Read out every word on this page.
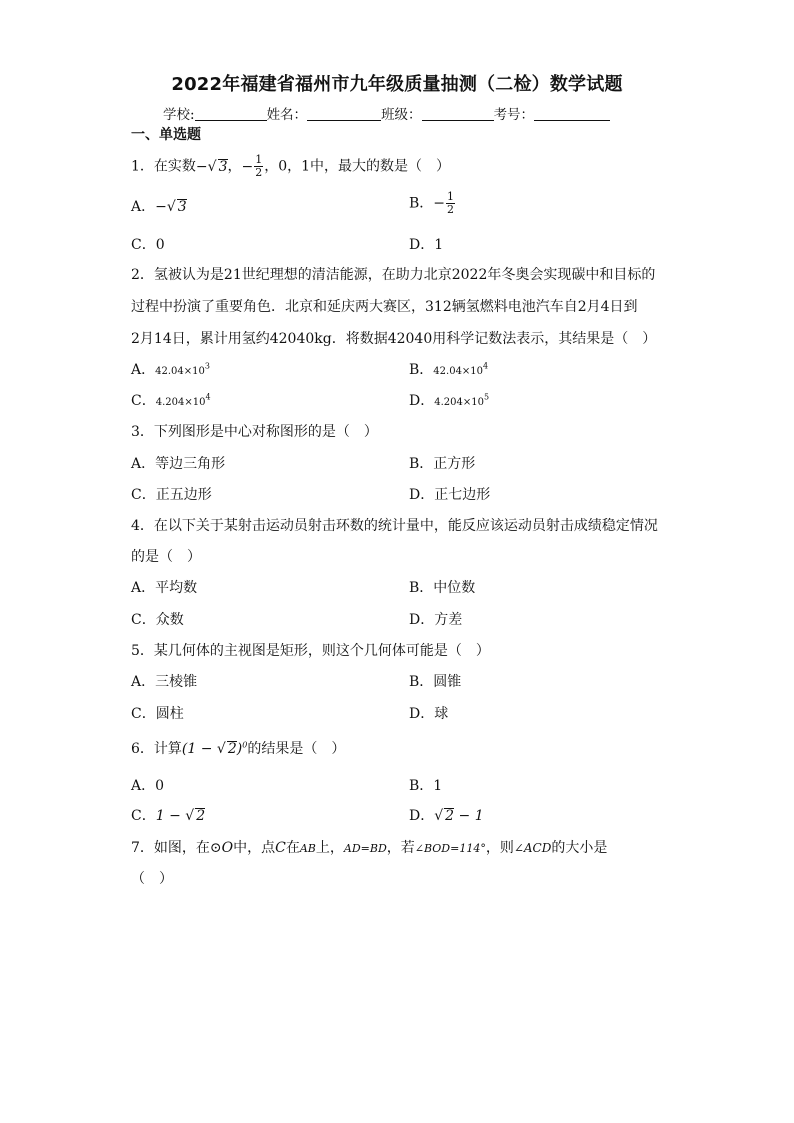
2022年福建省福州市九年级质量抽测（二检）数学试题
学校:	姓名：	班级：	考号：
一、单选题
1．在实数−√ 3，− $\frac{1}{2}$ ，0，1中，最大的数是（　）
A．−√ 3	B．− $\frac{1}{2}$
C．0	D．1
2．氢被认为是21世纪理想的清洁能源，在助力北京2022年冬奥会实现碳中和目标的
过程中扮演了重要角色．北京和延庆两大赛区，312辆氢燃料电池汽车自2月4日到
2月14日，累计用氢约42040kg．将数据42040用科学记数法表示，其结果是（　）
A．$42.04\times 10^3$	B．$42.04\times 10^4$
C．$4.204\times 10^4$	D．$4.204\times 10^5$
3．下列图形是中心对称图形的是（　）
A．等边三角形	B．正方形
C．正五边形	D．正七边形
4．在以下关于某射击运动员射击环数的统计量中，能反应该运动员射击成绩稳定情况
的是（　）
A．平均数	B．中位数
C．众数	D．方差
5．某几何体的主视图是矩形，则这个几何体可能是（　）
A．三棱锥	B．圆锥
C．圆柱	D．球
6．计算(1 − √ 2)$^0$的结果是（　）
A．0	B．1
C．1 − √ 2	D．√ 2 − 1
7．如图，在⊙O中，点C在AB上，AD=BD，若∠BOD=114°，则∠ACD的大小是
（　）
